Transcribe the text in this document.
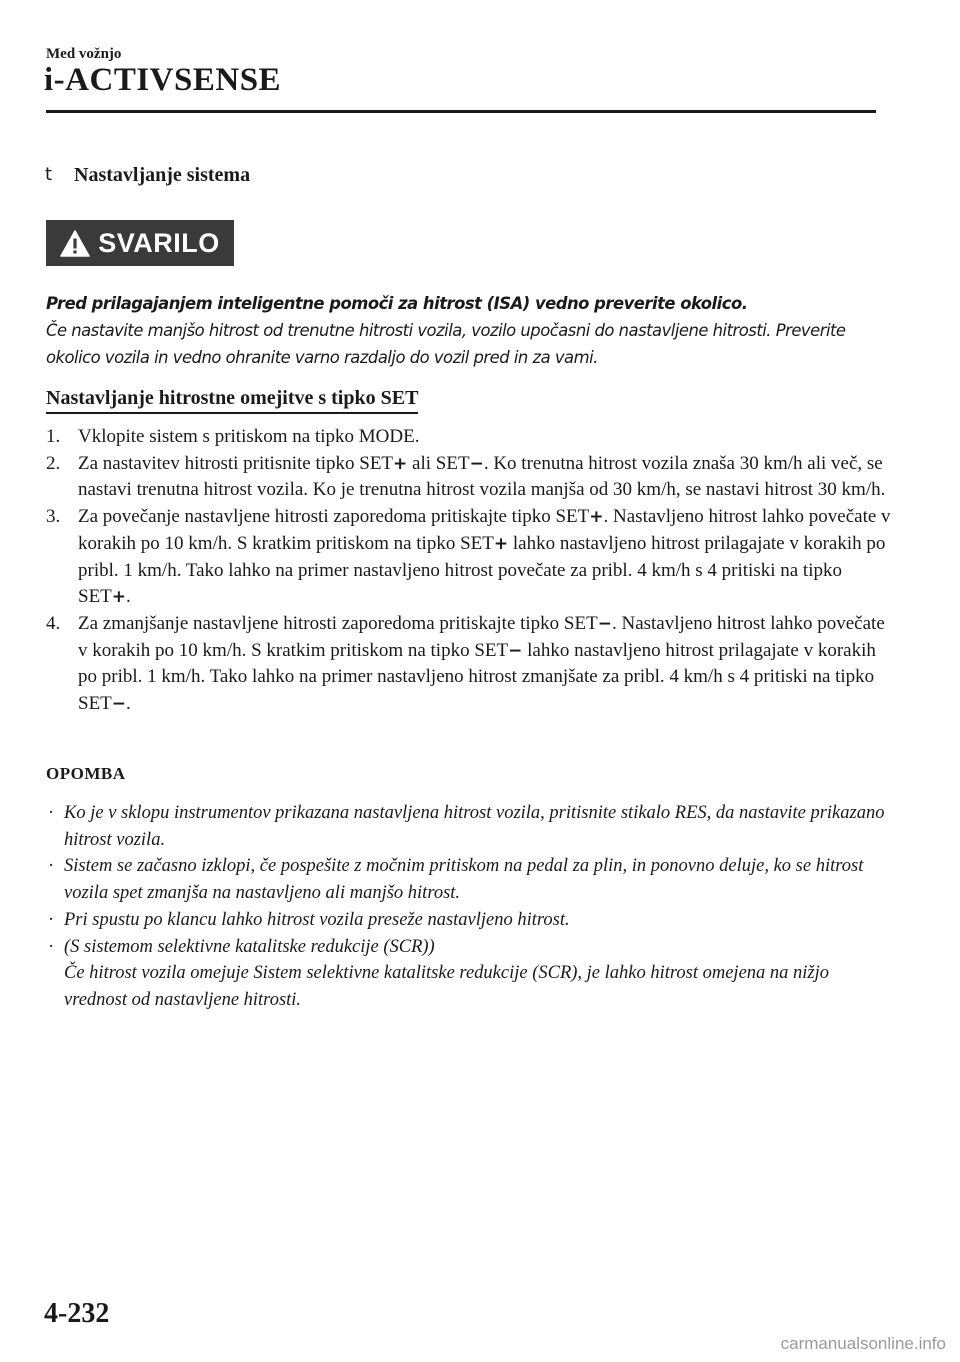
Med vožnjo
i-ACTIVSENSE
t Nastavljanje sistema
SVARILO

Pred prilagajanjem inteligentne pomoči za hitrost (ISA) vedno preverite okolico.

Če nastavite manjšo hitrost od trenutne hitrosti vozila, vozilo upočasni do nastavljene hitrosti. Preverite okolico vozila in vedno ohranite varno razdaljo do vozil pred in za vami.

Nastavljanje hitrostne omejitve s tipko SET
1. Vklopite sistem s pritiskom na tipko MODE.
2. Za nastavitev hitrosti pritisnite tipko SET+ ali SET−. Ko trenutna hitrost vozila znaša 30 km/h ali več, se nastavi trenutna hitrost vozila. Ko je trenutna hitrost vozila manjša od 30 km/h, se nastavi hitrost 30 km/h.
3. Za povečanje nastavljene hitrosti zaporedoma pritiskajte tipko SET+. Nastavljeno hitrost lahko povečate v korakih po 10 km/h. S kratkim pritiskom na tipko SET+ lahko nastavljeno hitrost prilagajate v korakih po pribl. 1 km/h. Tako lahko na primer nastavljeno hitrost povečate za pribl. 4 km/h s 4 pritiski na tipko SET+.
4. Za zmanjšanje nastavljene hitrosti zaporedoma pritiskajte tipko SET−. Nastavljeno hitrost lahko povečate v korakih po 10 km/h. S kratkim pritiskom na tipko SET− lahko nastavljeno hitrost prilagajate v korakih po pribl. 1 km/h. Tako lahko na primer nastavljeno hitrost zmanjšate za pribl. 4 km/h s 4 pritiski na tipko SET−.
OPOMBA
· Ko je v sklopu instrumentov prikazana nastavljena hitrost vozila, pritisnite stikalo RES, da nastavite prikazano hitrost vozila.
· Sistem se začasno izklopi, če pospešite z močnim pritiskom na pedal za plin, in ponovno deluje, ko se hitrost vozila spet zmanjša na nastavljeno ali manjšo hitrost.
· Pri spustu po klancu lahko hitrost vozila preseže nastavljeno hitrost.
· (S sistemom selektivne katalitske redukcije (SCR))
Če hitrost vozila omejuje Sistem selektivne katalitske redukcije (SCR), je lahko hitrost omejena na nižjo vrednost od nastavljene hitrosti.
4-232
carmanualsonline.info
